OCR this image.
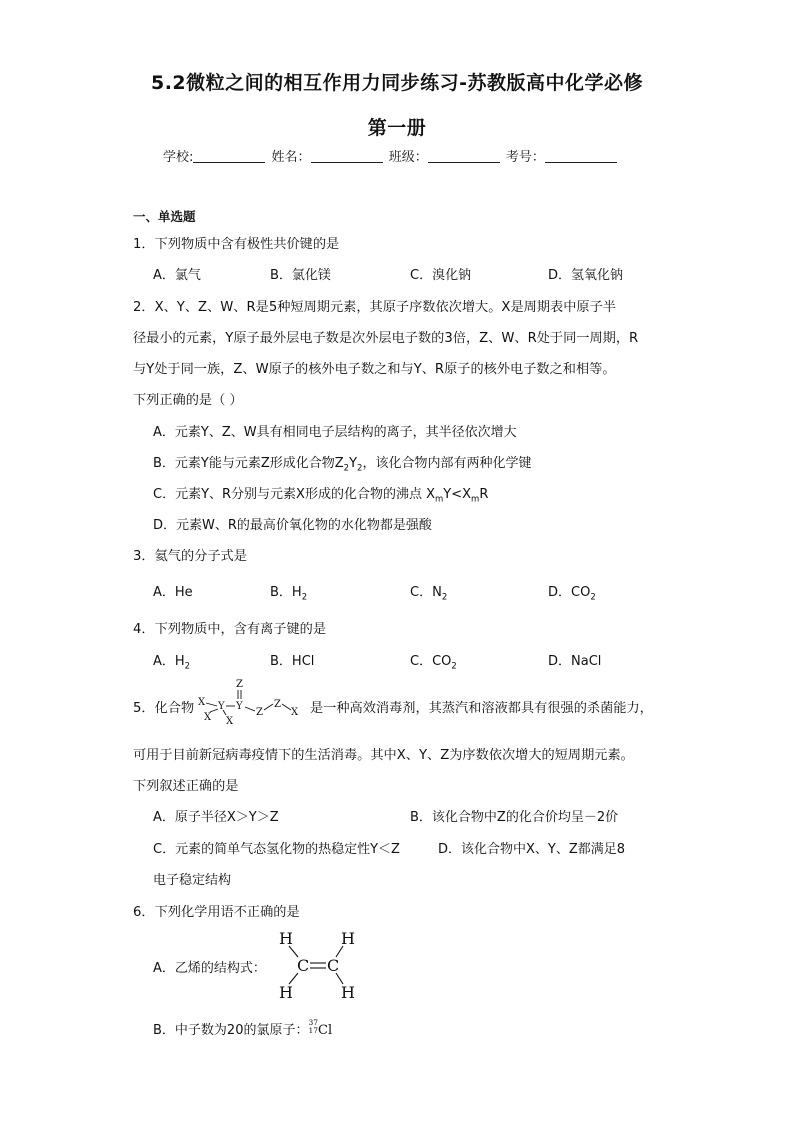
5.2微粒之间的相互作用力同步练习-苏教版高中化学必修
第一册
学校:	姓名：	班级：	考号：
一、单选题
1．下列物质中含有极性共价键的是
A．氯气	B．氯化镁	C．溴化钠	D．氢氧化钠
2．X、Y、Z、W、R是5种短周期元素，其原子序数依次增大。X是周期表中原子半
径最小的元素，Y原子最外层电子数是次外层电子数的3倍，Z、W、R处于同一周期，R
与Y处于同一族，Z、W原子的核外电子数之和与Y、R原子的核外电子数之和相等。
下列正确的是（ ）
A．元素Y、Z、W具有相同电子层结构的离子，其半径依次增大
B．元素Y能与元素Z形成化合物$Z_2Y_2$，该化合物内部有两种化学键
C．元素Y、R分别与元素X形成的化合物的沸点 $X_mY<X_mR$
D．元素W、R的最高价氧化物的水化物都是强酸
3．氦气的分子式是
A．He	B．$H_2$	C．$N_2$	D．$CO_2$
4．下列物质中，含有离子键的是
A．$H_2$	B．HCl	C．$CO_2$	D．NaCl
5．化合物 X
X X
Y Y
Z
Z
Z
X 是一种高效消毒剂，其蒸汽和溶液都具有很强的杀菌能力，
可用于目前新冠病毒疫情下的生活消毒。其中X、Y、Z为序数依次增大的短周期元素。
下列叙述正确的是
A．原子半径X＞Y＞Z	B．该化合物中Z的化合价均呈－2价
C．元素的简单气态氢化物的热稳定性Y＜Z	D．该化合物中X、Y、Z都满足8
电子稳定结构
6．下列化学用语不正确的是
A．乙烯的结构式：
H	H
C C
H	H
B．中子数为20的氯原子：37
17Cl
